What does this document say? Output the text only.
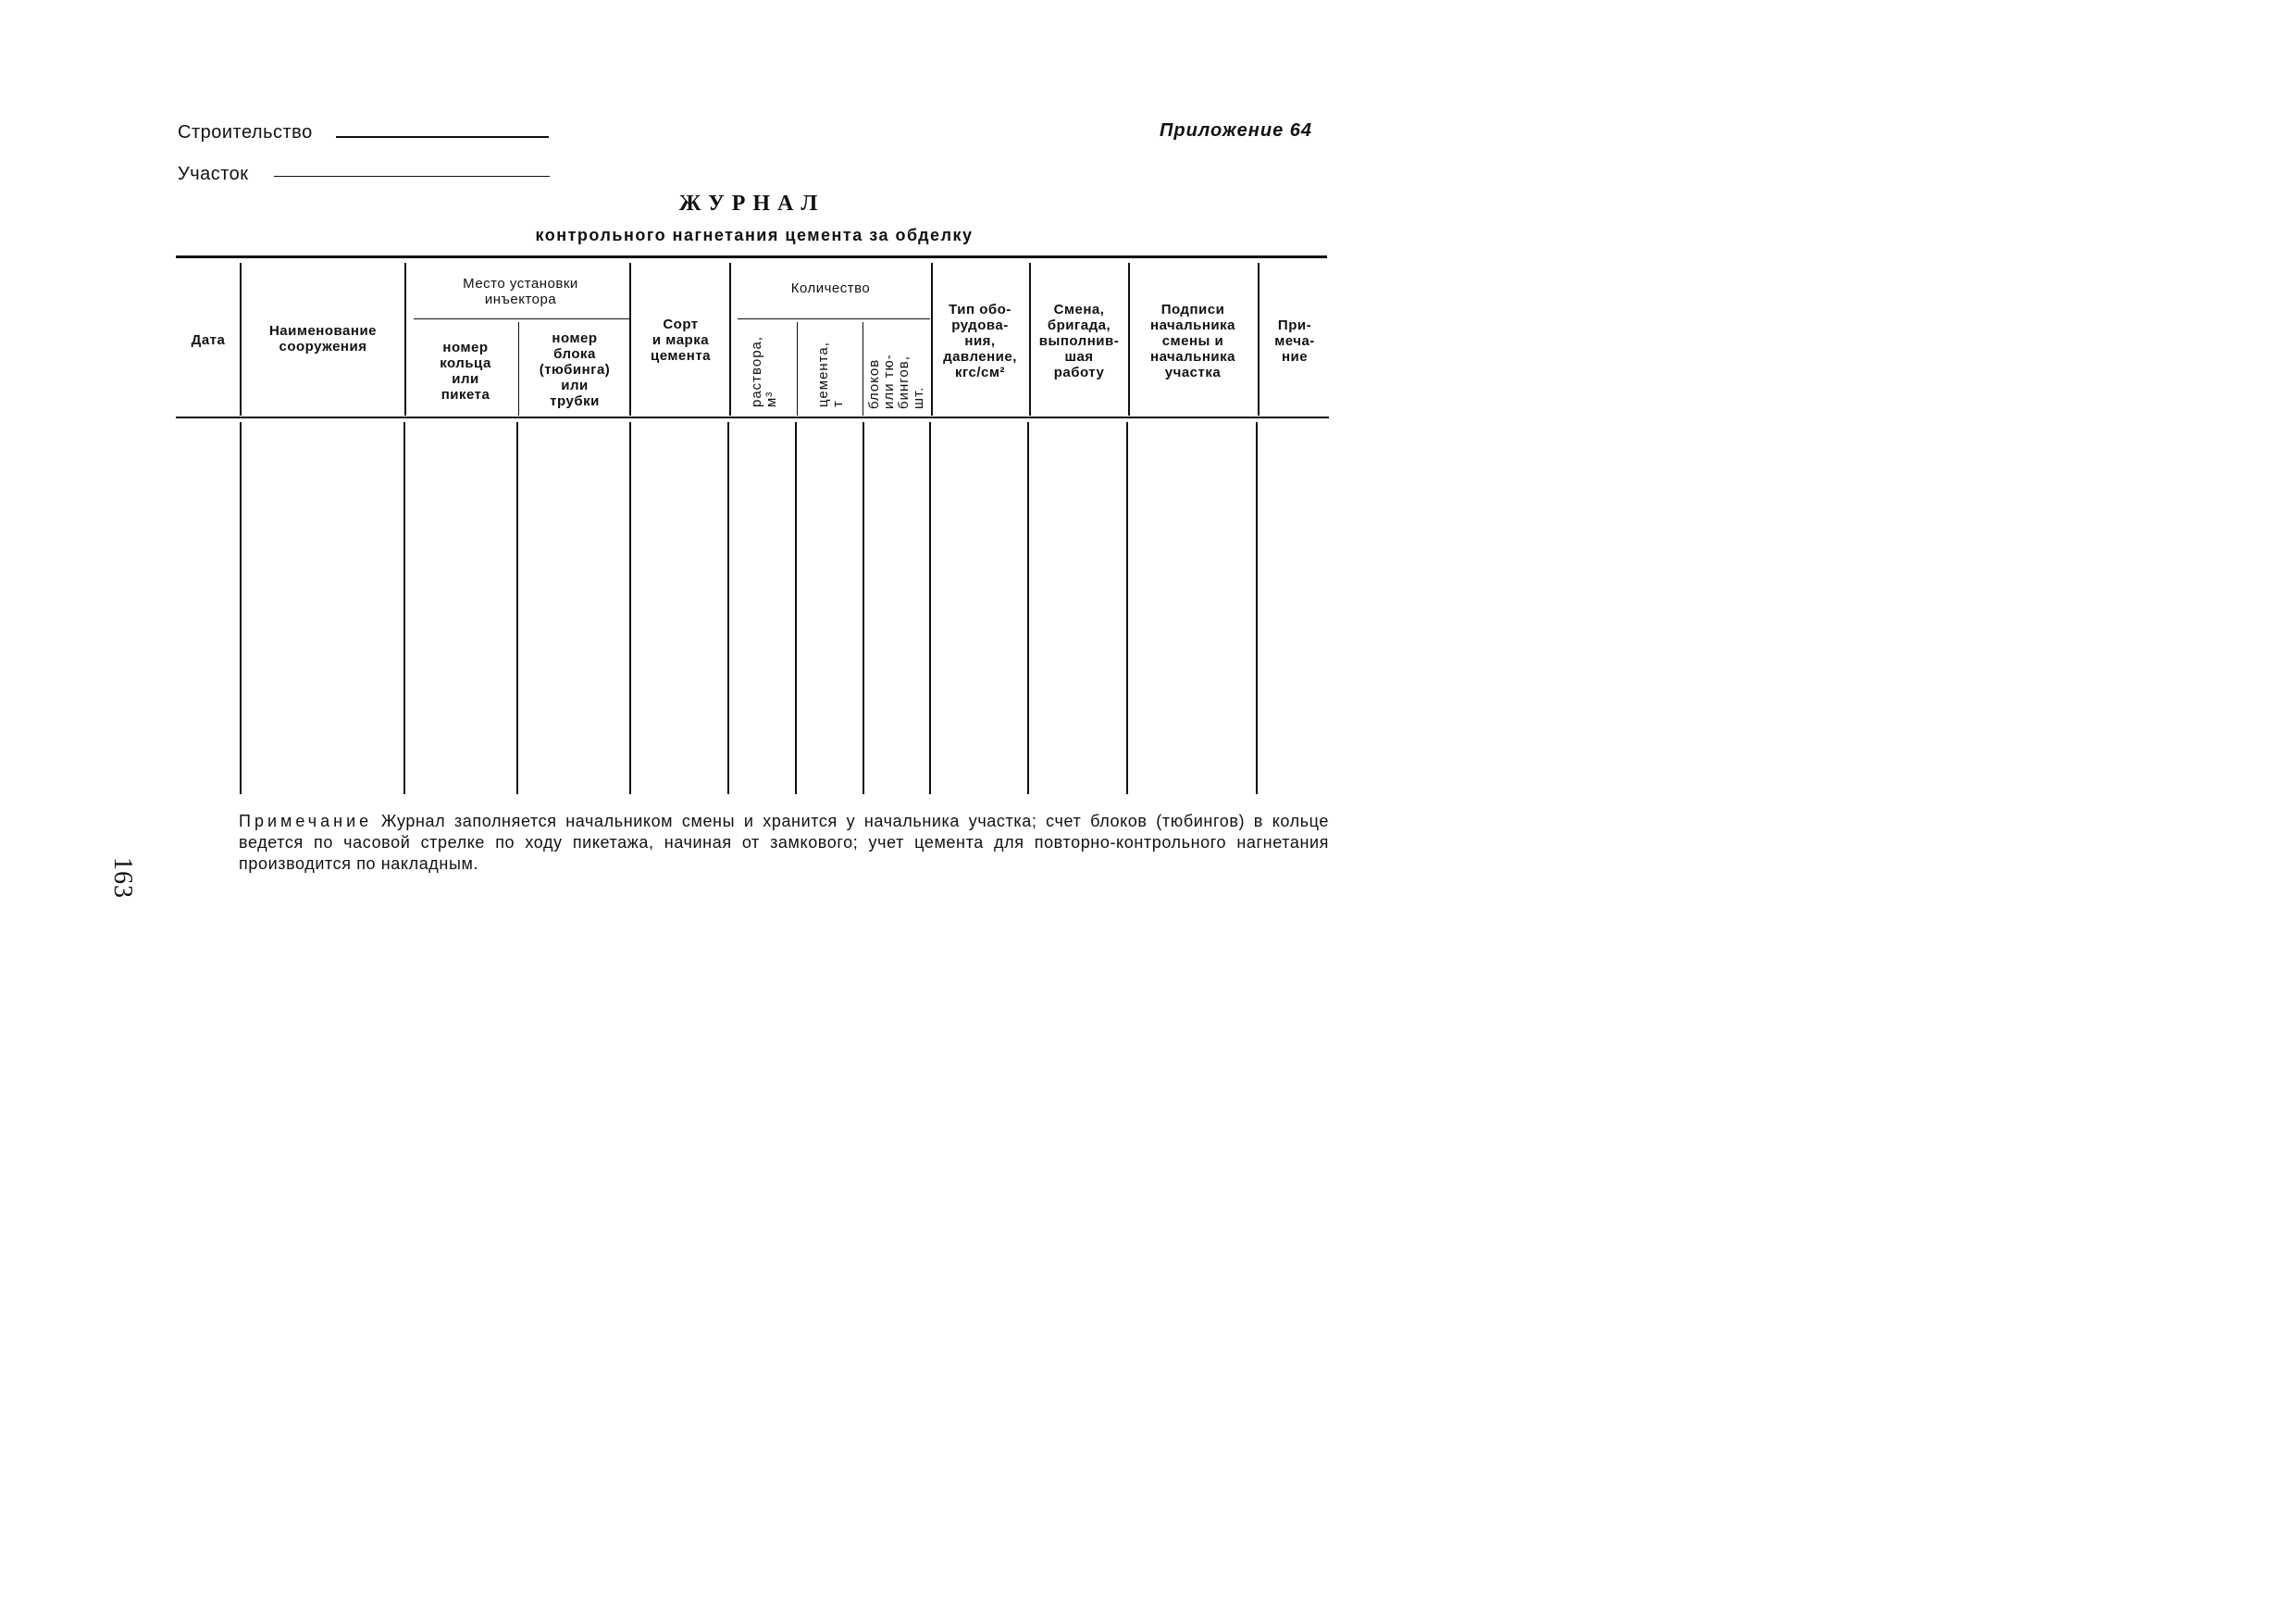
Строительство
Участок
Приложение 64
ЖУРНАЛ
контрольного нагнетания цемента за обделку
Дата
Наименование
сооружения
Место установки
инъектора
номер
кольца
или
пикета
номер
блока
(тюбинга)
или
трубки
Сорт
и марка
цемента
Количество
раствора,
м³	цемента,
т блоков
или тю-
бингов,
шт.
Тип обо-
рудова-
ния,
давление,
кгс/см²
Смена,
бригада,
выполнив-
шая
работу
Подписи
начальника
смены и
начальника
участка
При-
меча-
ние
Примечание Журнал заполняется начальником смены и хранится у начальника участка; счет блоков (тюбингов) в кольце ведется по часовой стрелке по ходу пикетажа, начиная от замкового; учет цемента для повторно-контрольного нагнетания производится по накладным.
163
